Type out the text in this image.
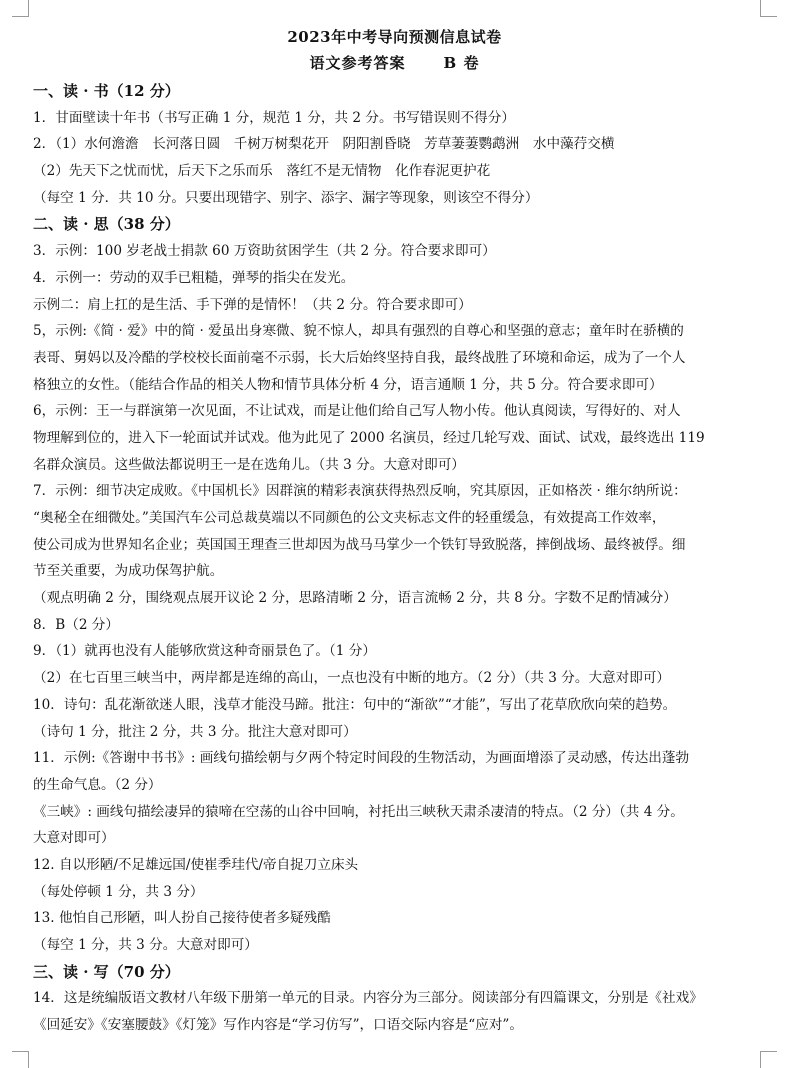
2023年中考导向预测信息试卷
语文参考答案	B 卷
一、读 · 书（12 分）
1．甘面壁读十年书（书写正确 1 分，规范 1 分，共 2 分。书写错误则不得分）
2．（1）水何澹澹　长河落日圆　千树万树梨花开　阴阳割昏晓　芳草萋萋鹦鹉洲　水中藻荇交横
（2）先天下之忧而忧，后天下之乐而乐　落红不是无情物　化作春泥更护花
（每空 1 分．共 10 分。只要出现错字、别字、添字、漏字等现象，则该空不得分）
二、读 · 思（38 分）
3．示例：100 岁老战士捐款 60 万资助贫困学生（共 2 分。符合要求即可）
4．示例一：劳动的双手已粗糙，弹琴的指尖在发光。
示例二：肩上扛的是生活、手下弹的是情怀！（共 2 分。符合要求即可）
5，示例:《简 · 爱》中的简 · 爱虽出身寒微、貌不惊人，却具有强烈的自尊心和坚强的意志；童年时在骄横的
表哥、舅妈以及冷酷的学校校长面前毫不示弱，长大后始终坚持自我，最终战胜了环境和命运，成为了一个人
格独立的女性。（能结合作品的相关人物和情节具体分析 4 分，语言通顺 1 分，共 5 分。符合要求即可）
6，示例：王一与群演第一次见面，不让试戏，而是让他们给自己写人物小传。他认真阅读，写得好的、对人
物理解到位的，进入下一轮面试并试戏。他为此见了 2000 名演员，经过几轮写戏、面试、试戏，最终选出 119
名群众演员。这些做法都说明王一是在选角儿。（共 3 分。大意对即可）
7．示例：细节决定成败。《中国机长》因群演的精彩表演获得热烈反响，究其原因，正如格茨 · 维尔纳所说：
“奥秘全在细微处。”美国汽车公司总裁莫端以不同颜色的公文夹标志文件的轻重缓急，有效提高工作效率，
使公司成为世界知名企业；英国国王理查三世却因为战马马掌少一个铁钉导致脱落，摔倒战场、最终被俘。细
节至关重要，为成功保驾护航。
（观点明确 2 分，围绕观点展开议论 2 分，思路清晰 2 分，语言流畅 2 分，共 8 分。字数不足酌情减分）
8．B（2 分）
9．（1）就再也没有人能够欣赏这种奇丽景色了。（1 分）
（2）在七百里三峡当中，两岸都是连绵的高山，一点也没有中断的地方。（2 分）（共 3 分。大意对即可）
10．诗句：乱花渐欲迷人眼，浅草才能没马蹄。批注：句中的“渐欲”“才能”，写出了花草欣欣向荣的趋势。
（诗句 1 分，批注 2 分，共 3 分。批注大意对即可）
11．示例:《答谢中书书》: 画线句描绘朝与夕两个特定时间段的生物活动，为画面增添了灵动感，传达出蓬勃
的生命气息。（2 分）
《三峡》: 画线句描绘凄异的猿啼在空荡的山谷中回响，衬托出三峡秋天肃杀凄清的特点。（2 分）（共 4 分。
大意对即可）
12. 自以形陋/不足雄远国/使崔季珪代/帝自捉刀立床头
（每处停顿 1 分，共 3 分）
13. 他怕自己形陋，叫人扮自己接待使者多疑残酷
（每空 1 分，共 3 分。大意对即可）
三、读 · 写（70 分）
14．这是统编版语文教材八年级下册第一单元的目录。内容分为三部分。阅读部分有四篇课文，分别是《社戏》
《回延安》《安塞腰鼓》《灯笼》写作内容是“学习仿写”，口语交际内容是“应对”。
